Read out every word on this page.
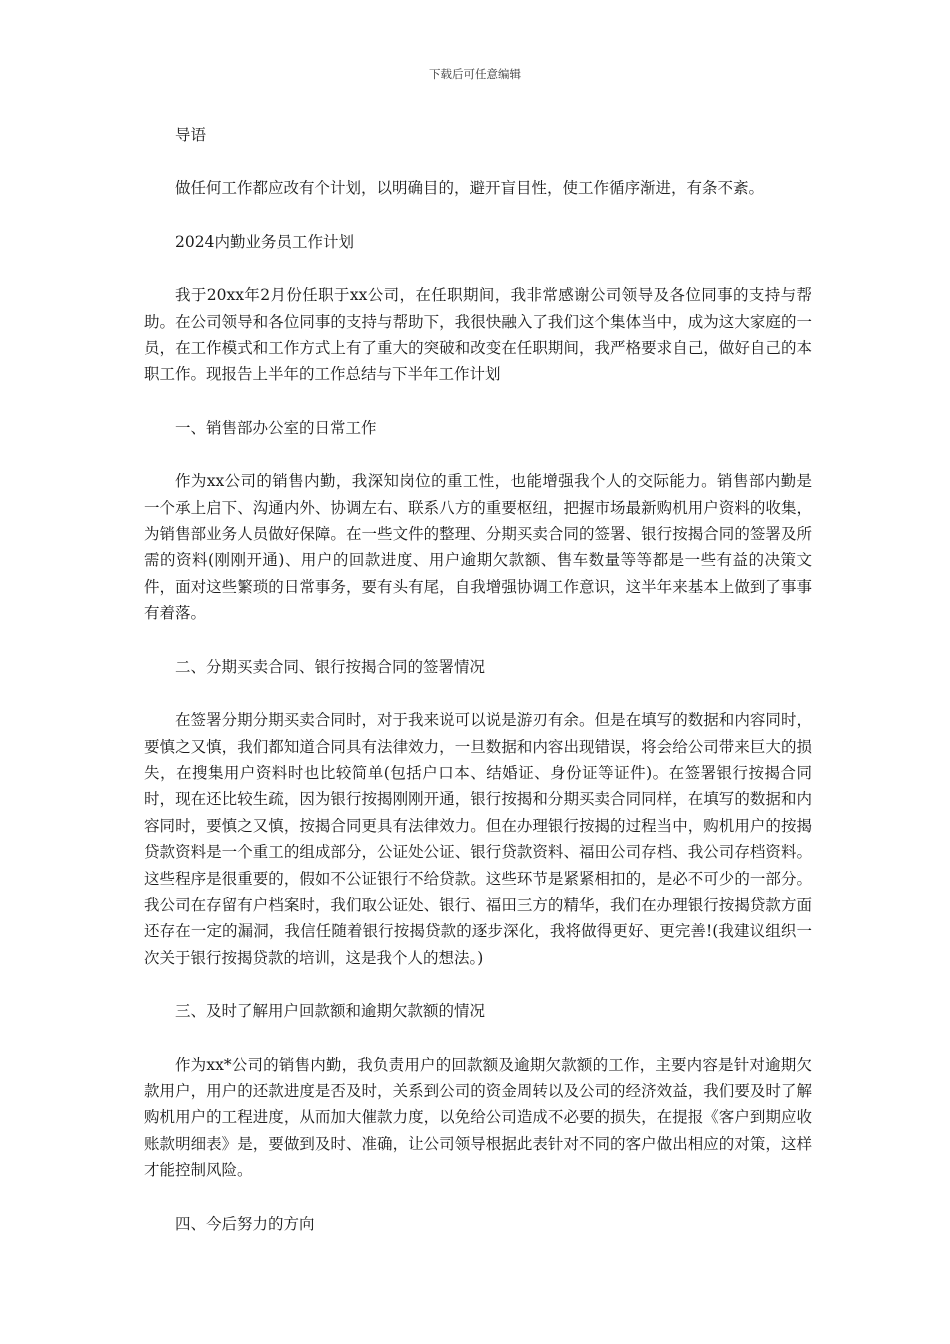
下载后可任意编辑

导语

做任何工作都应改有个计划，以明确目的，避开盲目性，使工作循序渐进，有条不紊。

2024内勤业务员工作计划

我于20xx年2月份任职于xx公司，在任职期间，我非常感谢公司领导及各位同事的支持与帮助。在公司领导和各位同事的支持与帮助下，我很快融入了我们这个集体当中，成为这大家庭的一员，在工作模式和工作方式上有了重大的突破和改变在任职期间，我严格要求自己，做好自己的本职工作。现报告上半年的工作总结与下半年工作计划

一、销售部办公室的日常工作

作为xx公司的销售内勤，我深知岗位的重工性，也能增强我个人的交际能力。销售部内勤是一个承上启下、沟通内外、协调左右、联系八方的重要枢纽，把握市场最新购机用户资料的收集，为销售部业务人员做好保障。在一些文件的整理、分期买卖合同的签署、银行按揭合同的签署及所需的资料(刚刚开通)、用户的回款进度、用户逾期欠款额、售车数量等等都是一些有益的决策文件，面对这些繁琐的日常事务，要有头有尾，自我增强协调工作意识，这半年来基本上做到了事事有着落。

二、分期买卖合同、银行按揭合同的签署情况

在签署分期分期买卖合同时，对于我来说可以说是游刃有余。但是在填写的数据和内容同时，要慎之又慎，我们都知道合同具有法律效力，一旦数据和内容出现错误，将会给公司带来巨大的损失，在搜集用户资料时也比较简单(包括户口本、结婚证、身份证等证件)。在签署银行按揭合同时，现在还比较生疏，因为银行按揭刚刚开通，银行按揭和分期买卖合同同样，在填写的数据和内容同时，要慎之又慎，按揭合同更具有法律效力。但在办理银行按揭的过程当中，购机用户的按揭贷款资料是一个重工的组成部分，公证处公证、银行贷款资料、福田公司存档、我公司存档资料。这些程序是很重要的，假如不公证银行不给贷款。这些环节是紧紧相扣的，是必不可少的一部分。我公司在存留有户档案时，我们取公证处、银行、福田三方的精华，我们在办理银行按揭贷款方面还存在一定的漏洞，我信任随着银行按揭贷款的逐步深化，我将做得更好、更完善!(我建议组织一次关于银行按揭贷款的培训，这是我个人的想法。)

三、及时了解用户回款额和逾期欠款额的情况

作为xx*公司的销售内勤，我负责用户的回款额及逾期欠款额的工作，主要内容是针对逾期欠款用户，用户的还款进度是否及时，关系到公司的资金周转以及公司的经济效益，我们要及时了解购机用户的工程进度，从而加大催款力度，以免给公司造成不必要的损失，在提报《客户到期应收账款明细表》是，要做到及时、准确，让公司领导根据此表针对不同的客户做出相应的对策，这样才能控制风险。

四、今后努力的方向
